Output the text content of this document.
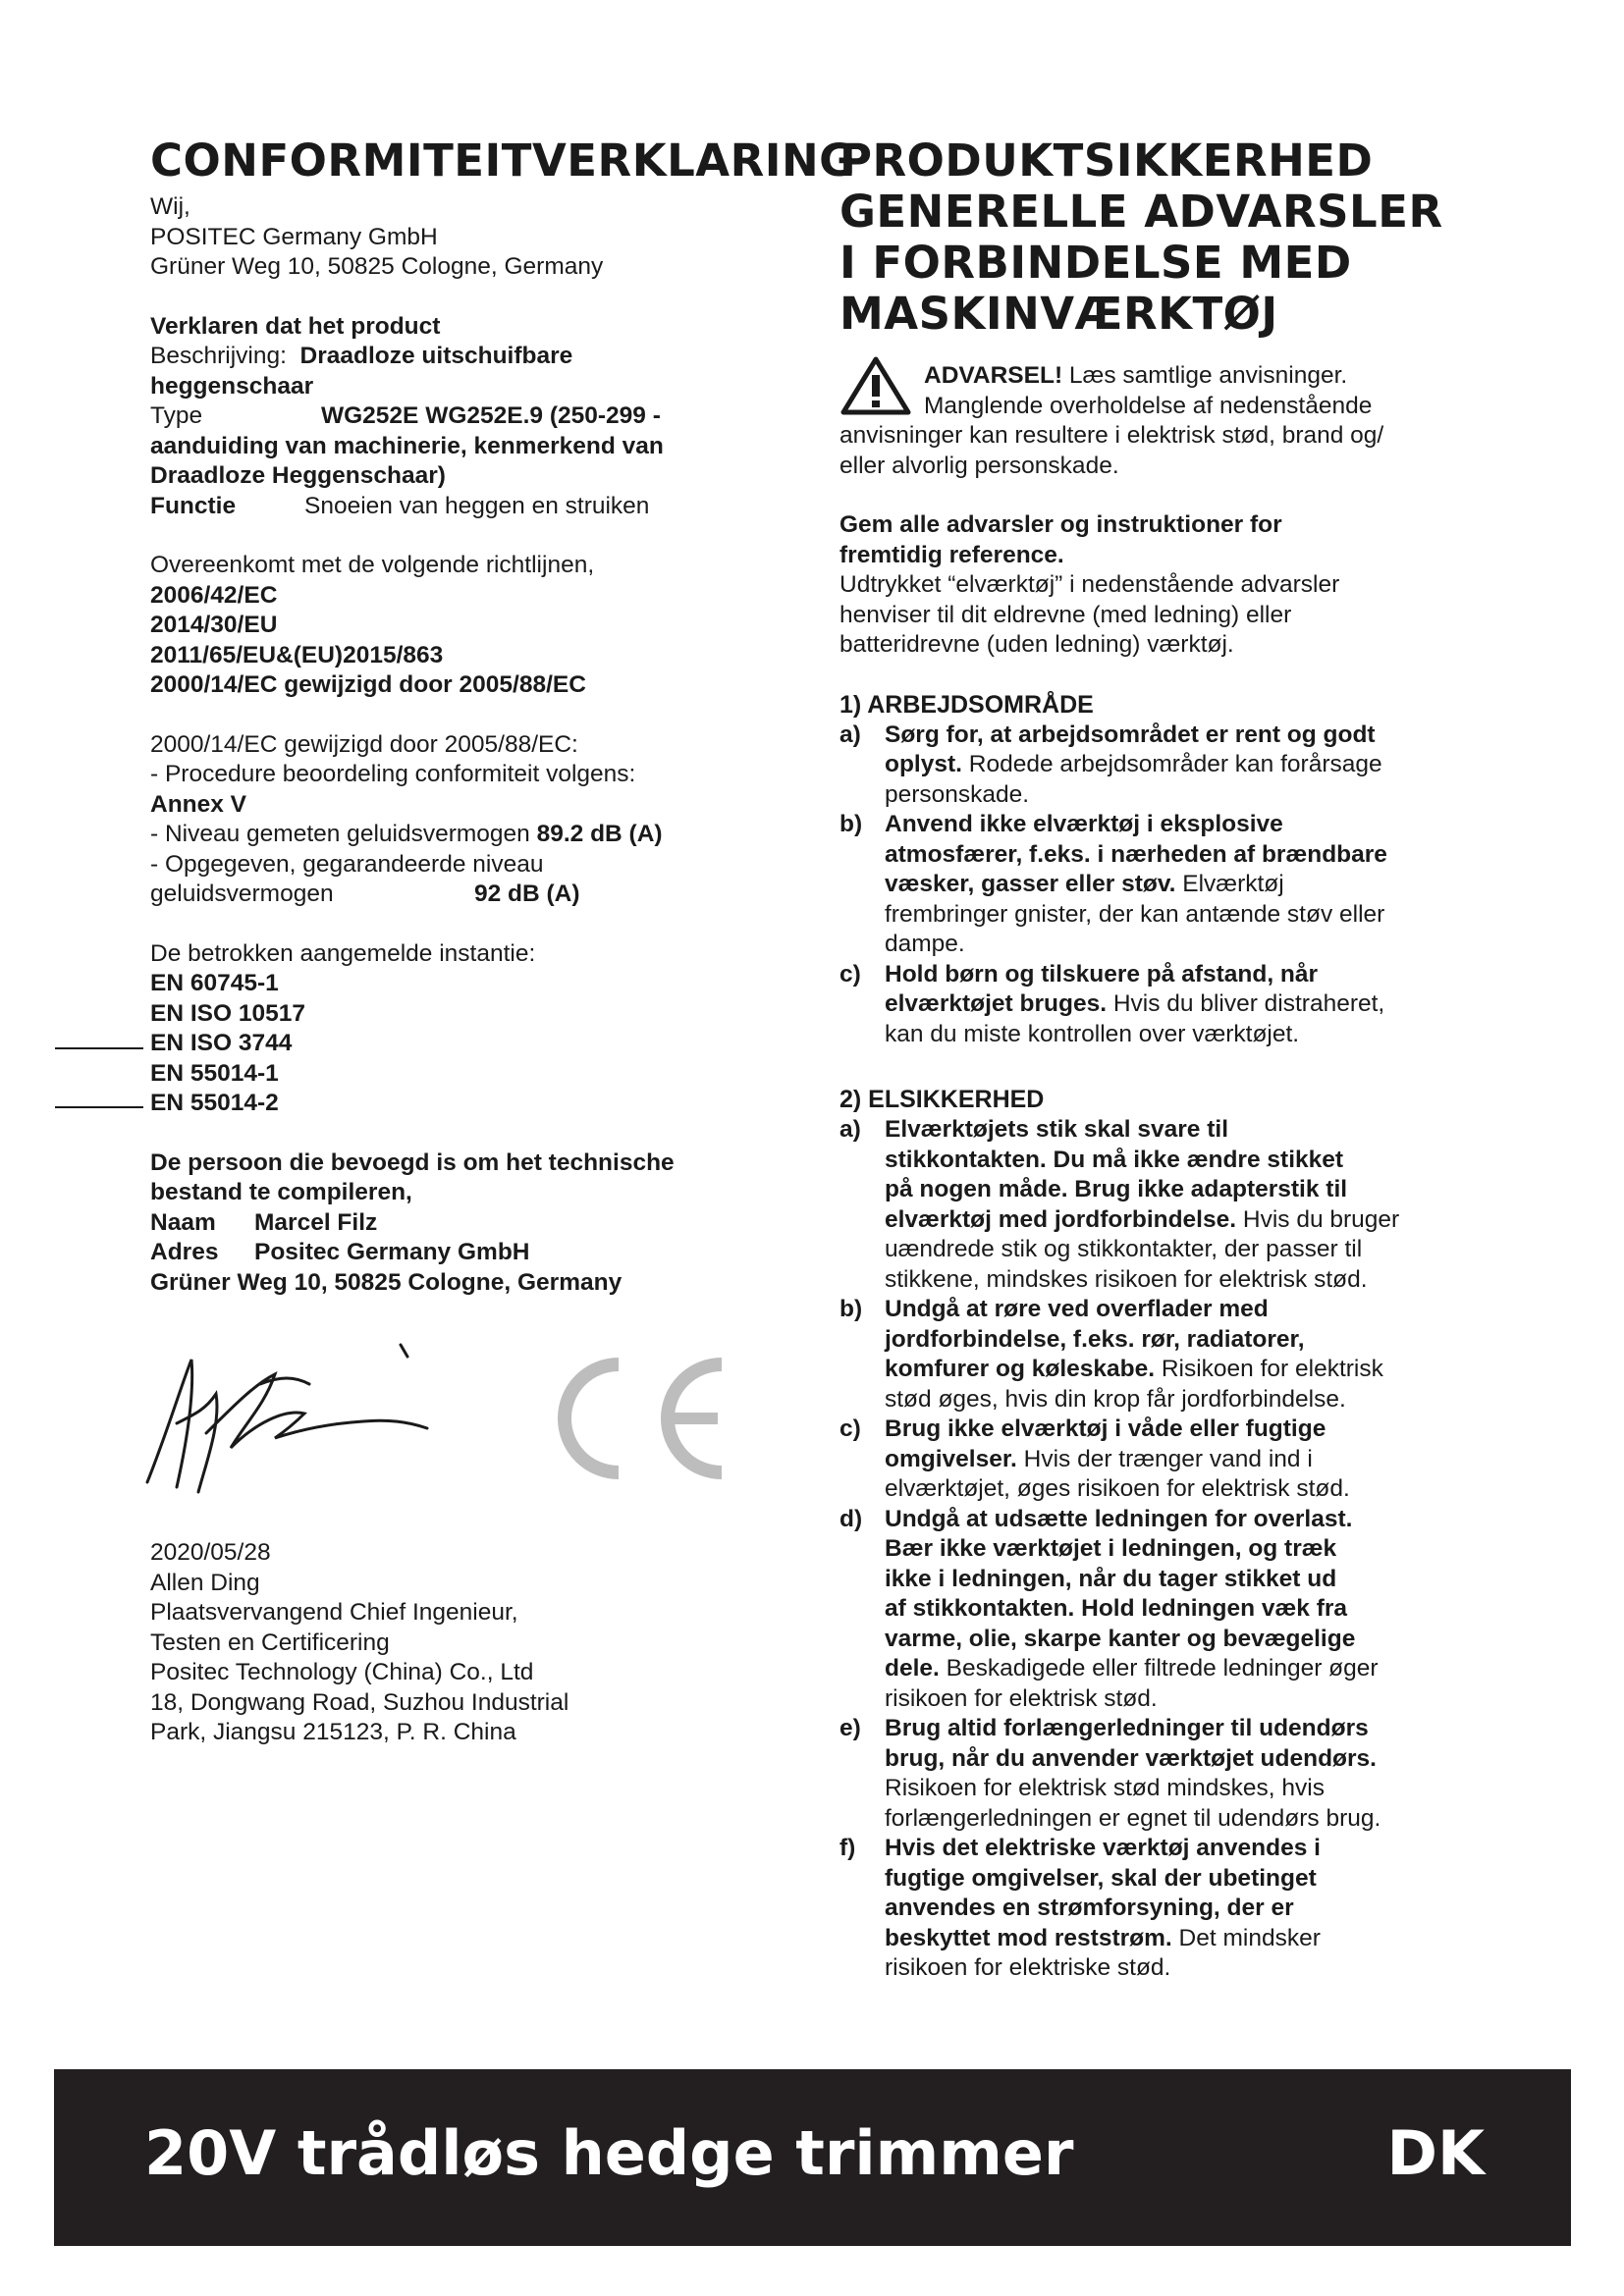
CONFORMITEITVERKLARING

Wij,

POSITEC Germany GmbH

Grüner Weg 10, 50825 Cologne, Germany

Verklaren dat het product

Beschrijving: Draadloze uitschuifbare

heggenschaar

Type	WG252E WG252E.9 (250-299 -

aanduiding van machinerie, kenmerkend van

Draadloze Heggenschaar)

Functie	Snoeien van heggen en struiken

Overeenkomt met de volgende richtlijnen,

2006/42/EC

2014/30/EU

2011/65/EU&(EU)2015/863

2000/14/EC gewijzigd door 2005/88/EC

2000/14/EC gewijzigd door 2005/88/EC:

- Procedure beoordeling conformiteit volgens:

Annex V

- Niveau gemeten geluidsvermogen 89.2 dB (A)

- Opgegeven, gegarandeerde niveau

geluidsvermogen	92 dB (A)

De betrokken aangemelde instantie:

EN 60745-1

EN ISO 10517

EN ISO 3744

EN 55014-1

EN 55014-2

De persoon die bevoegd is om het technische

bestand te compileren,

Naam Marcel Filz

Adres Positec Germany GmbH

Grüner Weg 10, 50825 Cologne, Germany

2020/05/28

Allen Ding

Plaatsvervangend Chief Ingenieur,

Testen en Certificering

Positec Technology (China) Co., Ltd

18, Dongwang Road, Suzhou Industrial

Park, Jiangsu 215123, P. R. China

PRODUKTSIKKERHED
GENERELLE ADVARSLER
I FORBINDELSE MED
MASKINVÆRKTØJ

ADVARSEL! Læs samtlige anvisninger.

Manglende overholdelse af nedenstående

anvisninger kan resultere i elektrisk stød, brand og/

eller alvorlig personskade.

Gem alle advarsler og instruktioner for

fremtidig reference.

Udtrykket “elværktøj” i nedenstående advarsler

henviser til dit eldrevne (med ledning) eller

batteridrevne (uden ledning) værktøj.

1) ARBEJDSOMRÅDE

a) Sørg for, at arbejdsområdet er rent og godt
oplyst. Rodede arbejdsområder kan forårsage
personskade.
b) Anvend ikke elværktøj i eksplosive
atmosfærer, f.eks. i nærheden af brændbare
væsker, gasser eller støv. Elværktøj
frembringer gnister, der kan antænde støv eller
dampe.
c) Hold børn og tilskuere på afstand, når
elværktøjet bruges. Hvis du bliver distraheret,
kan du miste kontrollen over værktøjet.

2) ELSIKKERHED

a) Elværktøjets stik skal svare til
stikkontakten. Du må ikke ændre stikket
på nogen måde. Brug ikke adapterstik til
elværktøj med jordforbindelse. Hvis du bruger
uændrede stik og stikkontakter, der passer til
stikkene, mindskes risikoen for elektrisk stød.
b) Undgå at røre ved overflader med
jordforbindelse, f.eks. rør, radiatorer,
komfurer og køleskabe. Risikoen for elektrisk
stød øges, hvis din krop får jordforbindelse.
c) Brug ikke elværktøj i våde eller fugtige
omgivelser. Hvis der trænger vand ind i
elværktøjet, øges risikoen for elektrisk stød.
d) Undgå at udsætte ledningen for overlast.
Bær ikke værktøjet i ledningen, og træk
ikke i ledningen, når du tager stikket ud
af stikkontakten. Hold ledningen væk fra
varme, olie, skarpe kanter og bevægelige
dele. Beskadigede eller filtrede ledninger øger
risikoen for elektrisk stød.
e) Brug altid forlængerledninger til udendørs
brug, når du anvender værktøjet udendørs.
Risikoen for elektrisk stød mindskes, hvis
forlængerledningen er egnet til udendørs brug.
f)	Hvis det elektriske værktøj anvendes i
fugtige omgivelser, skal der ubetinget
anvendes en strømforsyning, der er
beskyttet mod reststrøm. Det mindsker
risikoen for elektriske stød.
20V trådløs hedge trimmer	DK
